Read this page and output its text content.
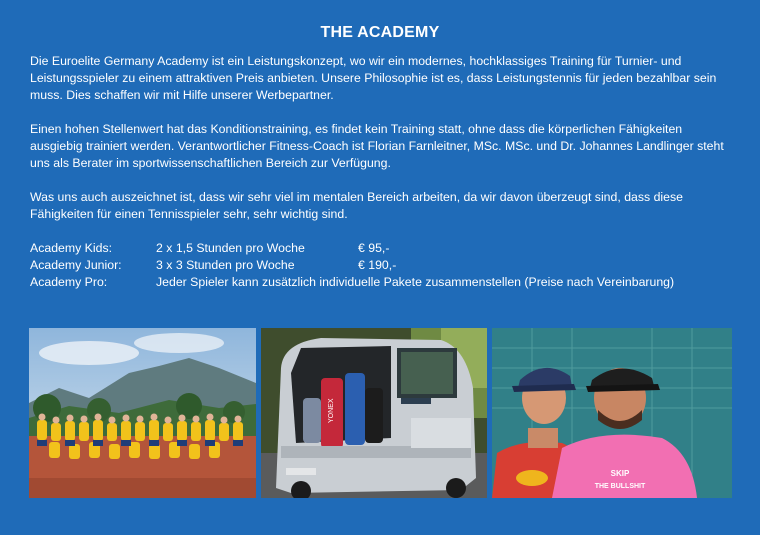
THE ACADEMY

Die Euroelite Germany Academy ist ein Leistungskonzept, wo wir ein modernes, hochklassiges Training für Turnier- und Leistungsspieler zu einem attraktiven Preis anbieten. Unsere Philosophie ist es, dass Leistungstennis für jeden bezahlbar sein muss. Dies schaffen wir mit Hilfe unserer Werbepartner.

Einen hohen Stellenwert hat das Konditionstraining, es findet kein Training statt, ohne dass die körperlichen Fähigkeiten ausgiebig trainiert werden. Verantwortlicher Fitness-Coach ist Florian Farnleitner, MSc. MSc. und Dr. Johannes Landlinger steht uns als Berater im sportwissenschaftlichen Bereich zur Verfügung.

Was uns auch auszeichnet ist, dass wir sehr viel im mentalen Bereich arbeiten, da wir davon überzeugt sind, dass diese Fähigkeiten für einen Tennisspieler sehr, sehr wichtig sind.

Academy Kids:	2 x 1,5 Stunden pro Woche	€ 95,-
Academy Junior:	3 x 3 Stunden pro Woche	€ 190,-
Academy Pro:	Jeder Spieler kann zusätzlich individuelle Pakete zusammenstellen (Preise nach Vereinbarung)
YONEX
SKIP
THE BULLSHIT
